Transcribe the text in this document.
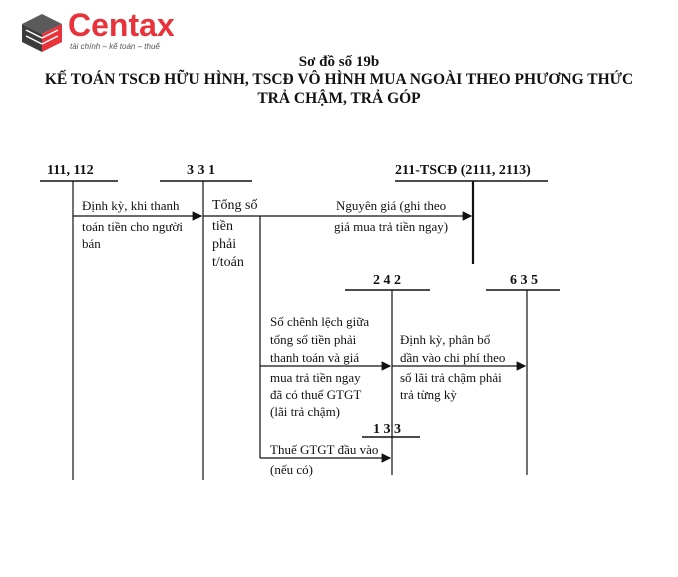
Centax
tài chính – kế toán – thuế
Sơ đồ số 19b
KẾ TOÁN TSCĐ HỮU HÌNH, TSCĐ VÔ HÌNH MUA NGOÀI THEO PHƯƠNG THỨC
TRẢ CHẬM, TRẢ GÓP
111, 112	3 3 1	211-TSCĐ (2111, 2113)
2 4 2	6 3 5
1 3 3
Định kỳ, khi thanh
toán tiền cho người
bán
Tổng số
tiền
phải
t/toán
Nguyên giá (ghi theo
giá mua trả tiền ngay)
Số chênh lệch giữa
tổng số tiền phải
thanh toán và giá
mua trả tiền ngay
đã có thuế GTGT
(lãi trả chậm)
Định kỳ, phân bổ
dần vào chi phí theo
số lãi trả chậm phải
trả từng kỳ
Thuế GTGT đầu vào
(nếu có)
